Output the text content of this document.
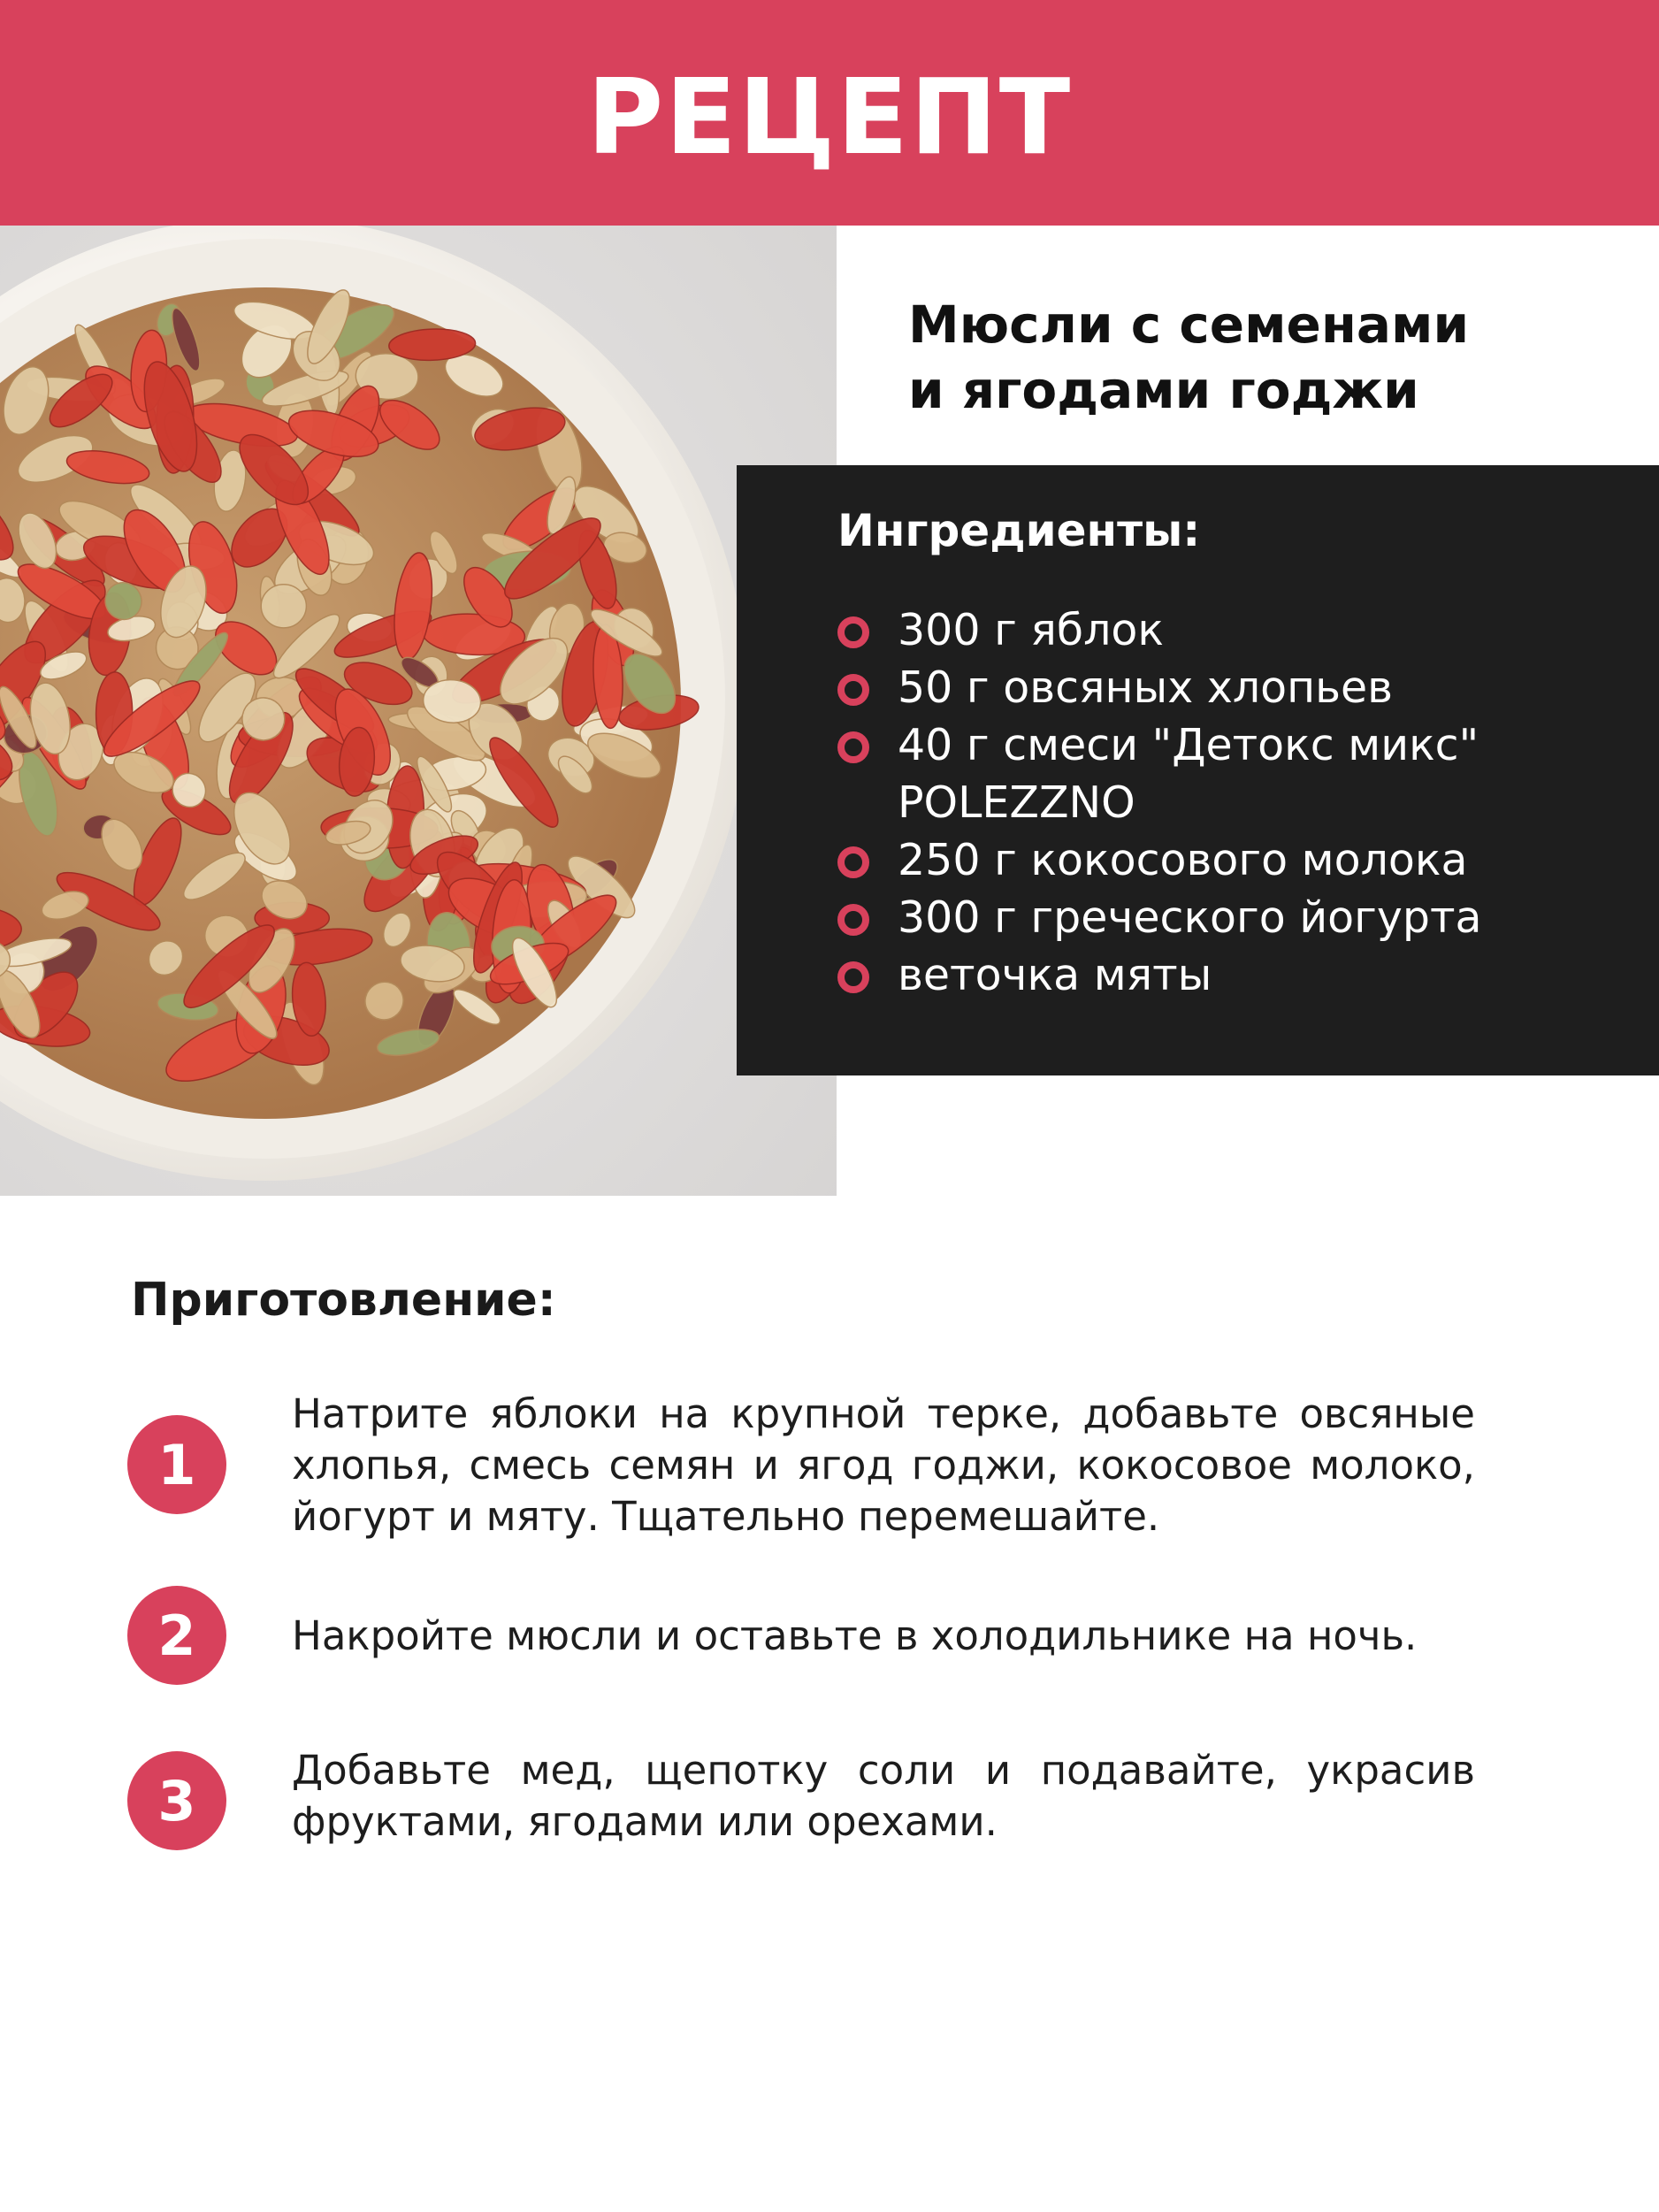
РЕЦЕПТ
Мюсли с семенами
и ягодами годжи
Ингредиенты:
300 г яблок
50 г овсяных хлопьев
40 г смеси "Детокс микс" POLEZZNO
250 г кокосового молока
300 г греческого йогурта
веточка мяты
Приготовление:
1
Натрите яблоки на крупной терке, добавьте овсяные хлопья, смесь семян и ягод годжи, кокосовое молоко, йогурт и мяту. Тщательно перемешайте.
2	Накройте мюсли и оставьте в холодильнике на ночь.
3	Добавьте мед, щепотку соли и подавайте, украсив фруктами, ягодами или орехами.
